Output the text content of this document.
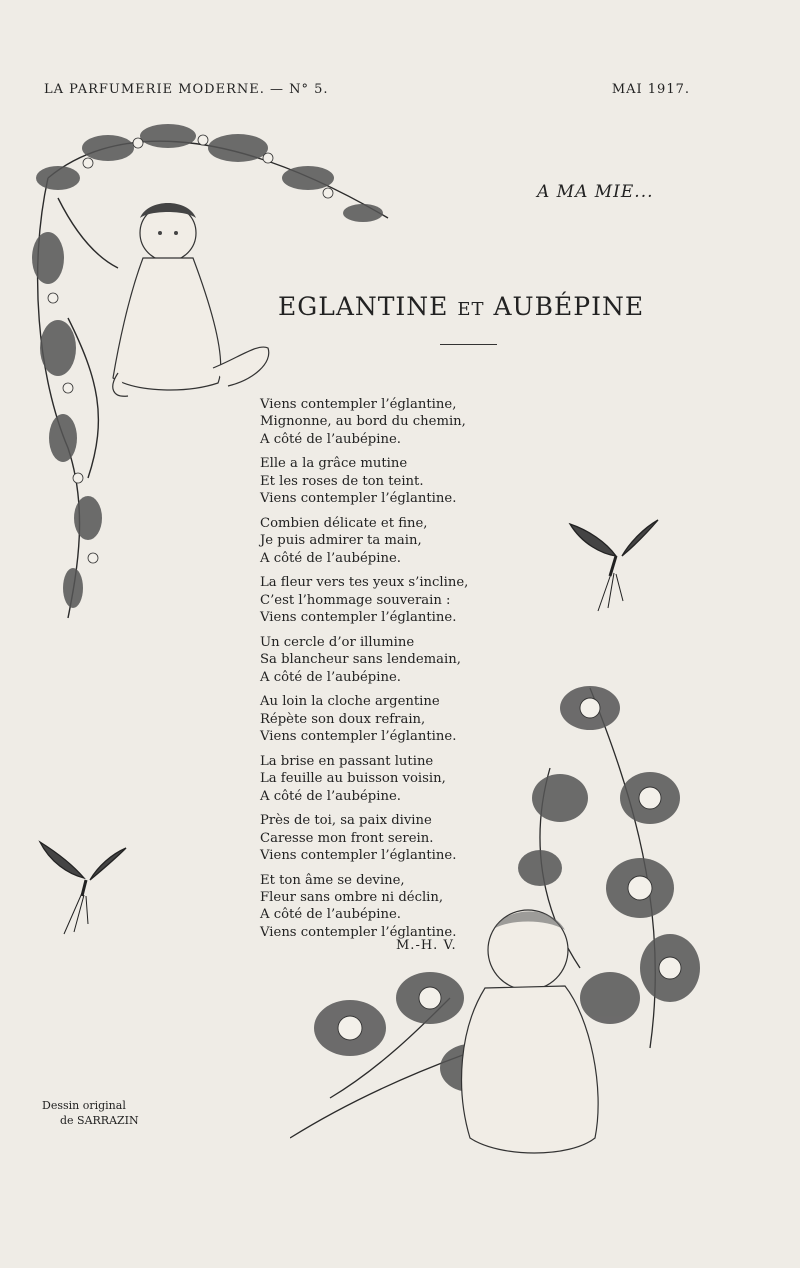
LA PARFUMERIE MODERNE. — N° 5.	MAI 1917.
A MA MIE...
EGLANTINE ET AUBÉPINE
Viens contempler l’églantine,
Mignonne, au bord du chemin,
A côté de l’aubépine.
Elle a la grâce mutine
Et les roses de ton teint.
Viens contempler l’églantine.
Combien délicate et fine,
Je puis admirer ta main,
A côté de l’aubépine.
La fleur vers tes yeux s’incline,
C’est l’hommage souverain :
Viens contempler l’églantine.
Un cercle d’or illumine
Sa blancheur sans lendemain,
A côté de l’aubépine.
Au loin la cloche argentine
Répète son doux refrain,
Viens contempler l’églantine.
La brise en passant lutine
La feuille au buisson voisin,
A côté de l’aubépine.
Près de toi, sa paix divine
Caresse mon front serein.
Viens contempler l’églantine.
Et ton âme se devine,
Fleur sans ombre ni déclin,
A côté de l’aubépine.
Viens contempler l’églantine.
M.-H. V.
Dessin original
de SARRAZIN
